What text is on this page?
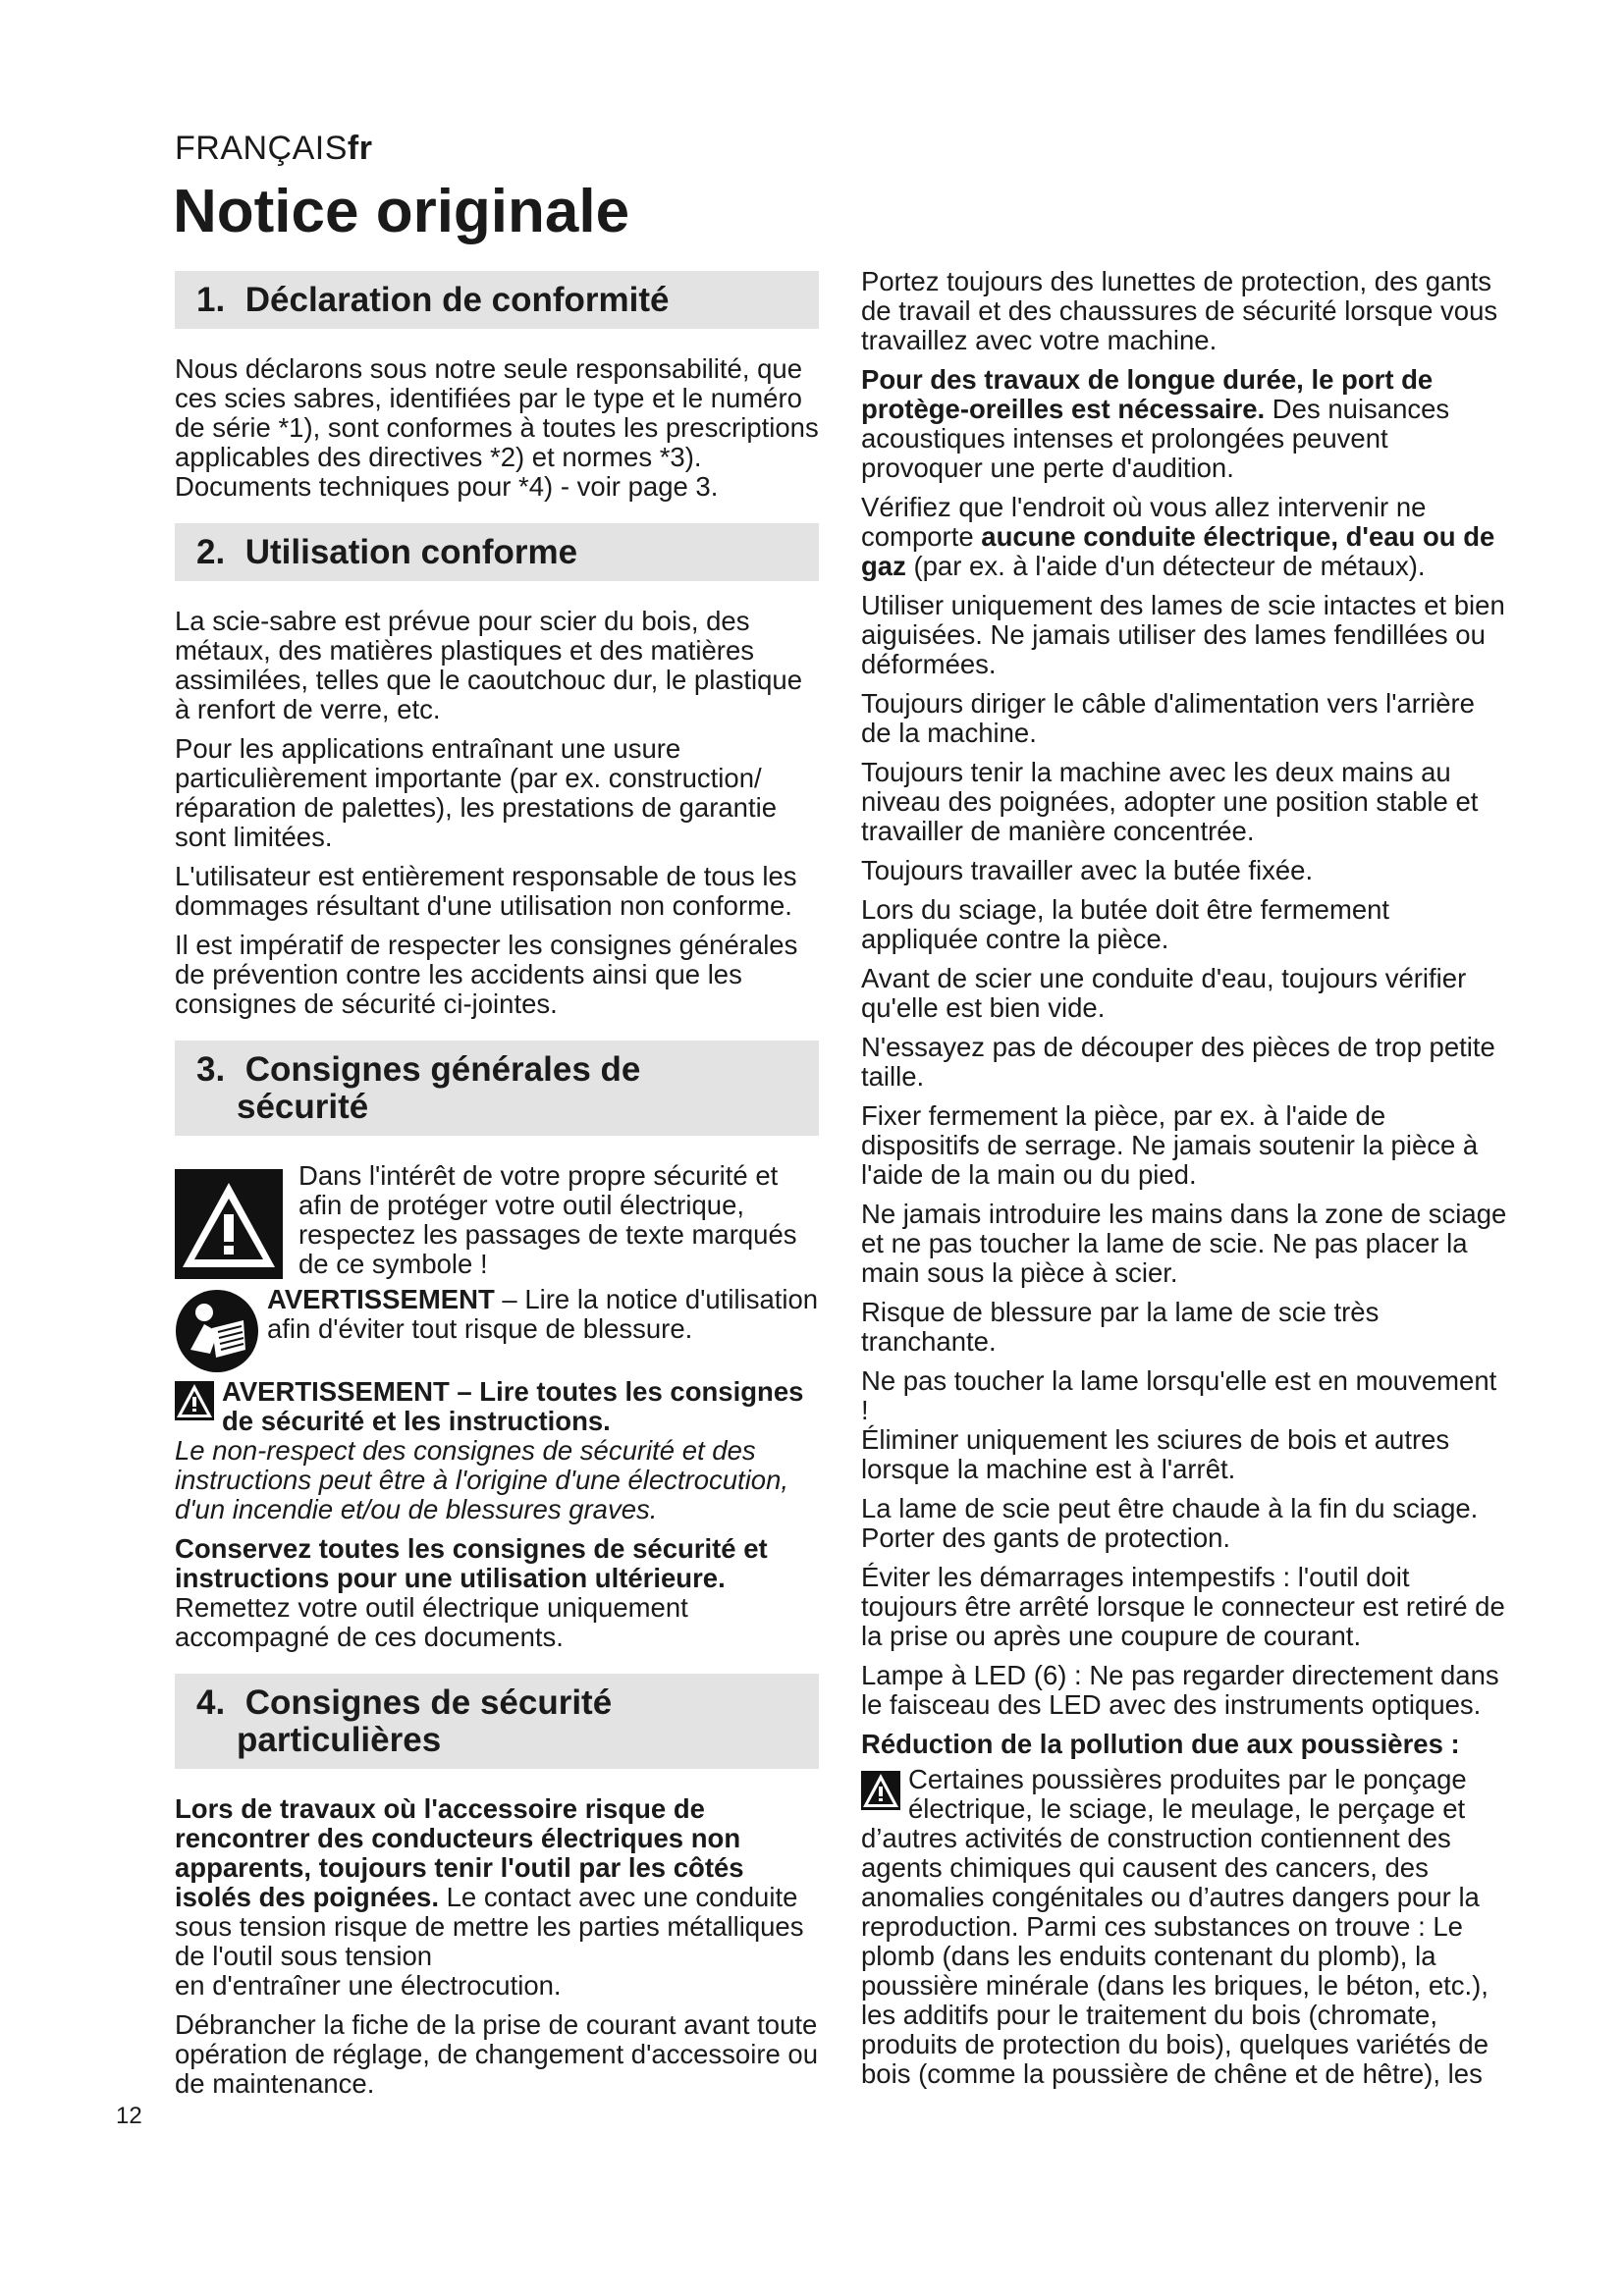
FRANÇAISfr
Notice originale
1. Déclaration de conformité

Nous déclarons sous notre seule responsabilité, que ces scies sabres, identifiées par le type et le numéro de série *1), sont conformes à toutes les prescriptions applicables des directives *2) et normes *3). Documents techniques pour *4) - voir page 3.

2. Utilisation conforme

La scie-sabre est prévue pour scier du bois, des métaux, des matières plastiques et des matières assimilées, telles que le caoutchouc dur, le plastique à renfort de verre, etc.

Pour les applications entraînant une usure particulièrement importante (par ex. construction/ réparation de palettes), les prestations de garantie sont limitées.

L'utilisateur est entièrement responsable de tous les dommages résultant d'une utilisation non conforme.

Il est impératif de respecter les consignes générales de prévention contre les accidents ainsi que les consignes de sécurité ci-jointes.

3. Consignes générales de
sécurité

Dans l'intérêt de votre propre sécurité et afin de protéger votre outil électrique, respectez les passages de texte marqués de ce symbole !

AVERTISSEMENT – Lire la notice d'utilisation afin d'éviter tout risque de blessure.

AVERTISSEMENT – Lire toutes les consignes de sécurité et les instructions.
Le non-respect des consignes de sécurité et des instructions peut être à l'origine d'une électrocution, d'un incendie et/ou de blessures graves.

Conservez toutes les consignes de sécurité et instructions pour une utilisation ultérieure. Remettez votre outil électrique uniquement accompagné de ces documents.

4. Consignes de sécurité
particulières

Lors de travaux où l'accessoire risque de rencontrer des conducteurs électriques non apparents, toujours tenir l'outil par les côtés isolés des poignées. Le contact avec une conduite sous tension risque de mettre les parties métalliques de l'outil sous tension
en d'entraîner une électrocution.

Débrancher la fiche de la prise de courant avant toute opération de réglage, de changement d'accessoire ou de maintenance.

Portez toujours des lunettes de protection, des gants de travail et des chaussures de sécurité lorsque vous travaillez avec votre machine.

Pour des travaux de longue durée, le port de protège-oreilles est nécessaire. Des nuisances acoustiques intenses et prolongées peuvent provoquer une perte d'audition.

Vérifiez que l'endroit où vous allez intervenir ne comporte aucune conduite électrique, d'eau ou de gaz (par ex. à l'aide d'un détecteur de métaux).

Utiliser uniquement des lames de scie intactes et bien aiguisées. Ne jamais utiliser des lames fendillées ou déformées.

Toujours diriger le câble d'alimentation vers l'arrière de la machine.

Toujours tenir la machine avec les deux mains au niveau des poignées, adopter une position stable et travailler de manière concentrée.

Toujours travailler avec la butée fixée.

Lors du sciage, la butée doit être fermement appliquée contre la pièce.

Avant de scier une conduite d'eau, toujours vérifier qu'elle est bien vide.

N'essayez pas de découper des pièces de trop petite taille.

Fixer fermement la pièce, par ex. à l'aide de dispositifs de serrage. Ne jamais soutenir la pièce à l'aide de la main ou du pied.

Ne jamais introduire les mains dans la zone de sciage et ne pas toucher la lame de scie. Ne pas placer la main sous la pièce à scier.

Risque de blessure par la lame de scie très tranchante.

Ne pas toucher la lame lorsqu'elle est en mouvement !
Éliminer uniquement les sciures de bois et autres lorsque la machine est à l'arrêt.

La lame de scie peut être chaude à la fin du sciage. Porter des gants de protection.

Éviter les démarrages intempestifs : l'outil doit toujours être arrêté lorsque le connecteur est retiré de la prise ou après une coupure de courant.

Lampe à LED (6) : Ne pas regarder directement dans le faisceau des LED avec des instruments optiques.

Réduction de la pollution due aux poussières :

Certaines poussières produites par le ponçage électrique, le sciage, le meulage, le perçage et d’autres activités de construction contiennent des agents chimiques qui causent des cancers, des anomalies congénitales ou d’autres dangers pour la reproduction. Parmi ces substances on trouve : Le plomb (dans les enduits contenant du plomb), la poussière minérale (dans les briques, le béton, etc.), les additifs pour le traitement du bois (chromate, produits de protection du bois), quelques variétés de bois (comme la poussière de chêne et de hêtre), les

12
